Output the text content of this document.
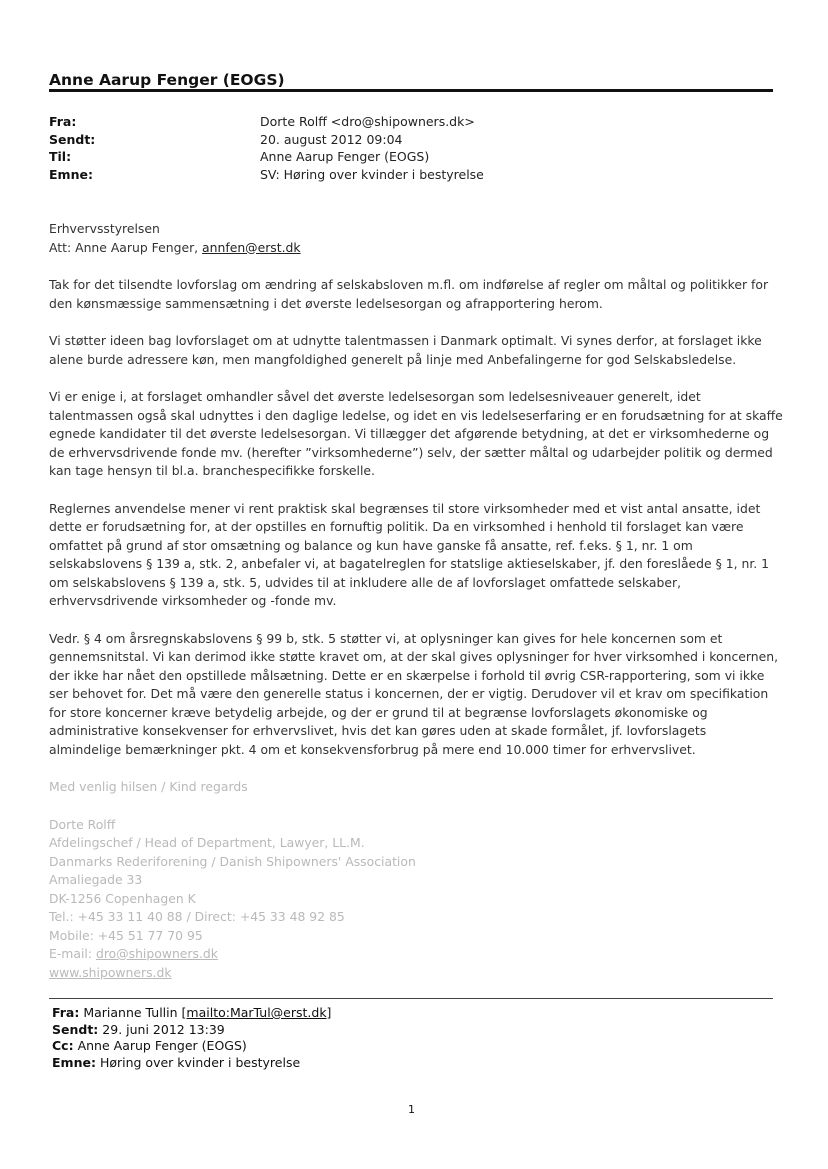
Anne Aarup Fenger (EOGS)
Fra:	Dorte Rolff <dro@shipowners.dk>
Sendt:	20. august 2012 09:04
Til:	Anne Aarup Fenger (EOGS)
Emne:	SV: Høring over kvinder i bestyrelse

Erhvervsstyrelsen
Att: Anne Aarup Fenger, annfen@erst.dk

Tak for det tilsendte lovforslag om ændring af selskabsloven m.fl. om indførelse af regler om måltal og politikker for
den kønsmæssige sammensætning i det øverste ledelsesorgan og afrapportering herom.

Vi støtter ideen bag lovforslaget om at udnytte talentmassen i Danmark optimalt. Vi synes derfor, at forslaget ikke
alene burde adressere køn, men mangfoldighed generelt på linje med Anbefalingerne for god Selskabsledelse.

Vi er enige i, at forslaget omhandler såvel det øverste ledelsesorgan som ledelsesniveauer generelt, idet
talentmassen også skal udnyttes i den daglige ledelse, og idet en vis ledelseserfaring er en forudsætning for at skaffe
egnede kandidater til det øverste ledelsesorgan. Vi tillægger det afgørende betydning, at det er virksomhederne og
de erhvervsdrivende fonde mv. (herefter ”virksomhederne”) selv, der sætter måltal og udarbejder politik og dermed
kan tage hensyn til bl.a. branchespecifikke forskelle.

Reglernes anvendelse mener vi rent praktisk skal begrænses til store virksomheder med et vist antal ansatte, idet
dette er forudsætning for, at der opstilles en fornuftig politik. Da en virksomhed i henhold til forslaget kan være
omfattet på grund af stor omsætning og balance og kun have ganske få ansatte, ref. f.eks. § 1, nr. 1 om
selskabslovens § 139 a, stk. 2, anbefaler vi, at bagatelreglen for statslige aktieselskaber, jf. den foreslåede § 1, nr. 1
om selskabslovens § 139 a, stk. 5, udvides til at inkludere alle de af lovforslaget omfattede selskaber,
erhvervsdrivende virksomheder og -fonde mv.

Vedr. § 4 om årsregnskabslovens § 99 b, stk. 5 støtter vi, at oplysninger kan gives for hele koncernen som et
gennemsnitstal. Vi kan derimod ikke støtte kravet om, at der skal gives oplysninger for hver virksomhed i koncernen,
der ikke har nået den opstillede målsætning. Dette er en skærpelse i forhold til øvrig CSR-rapportering, som vi ikke
ser behovet for. Det må være den generelle status i koncernen, der er vigtig. Derudover vil et krav om specifikation
for store koncerner kræve betydelig arbejde, og der er grund til at begrænse lovforslagets økonomiske og
administrative konsekvenser for erhvervslivet, hvis det kan gøres uden at skade formålet, jf. lovforslagets
almindelige bemærkninger pkt. 4 om et konsekvensforbrug på mere end 10.000 timer for erhvervslivet.

Med venlig hilsen / Kind regards

Dorte Rolff
Afdelingschef / Head of Department, Lawyer, LL.M.
Danmarks Rederiforening / Danish Shipowners' Association
Amaliegade 33
DK-1256 Copenhagen K
Tel.: +45 33 11 40 88 / Direct: +45 33 48 92 85
Mobile: +45 51 77 70 95
E-mail: dro@shipowners.dk
www.shipowners.dk

Fra: Marianne Tullin [mailto:MarTul@erst.dk]
Sendt: 29. juni 2012 13:39
Cc: Anne Aarup Fenger (EOGS)
Emne: Høring over kvinder i bestyrelse
1
